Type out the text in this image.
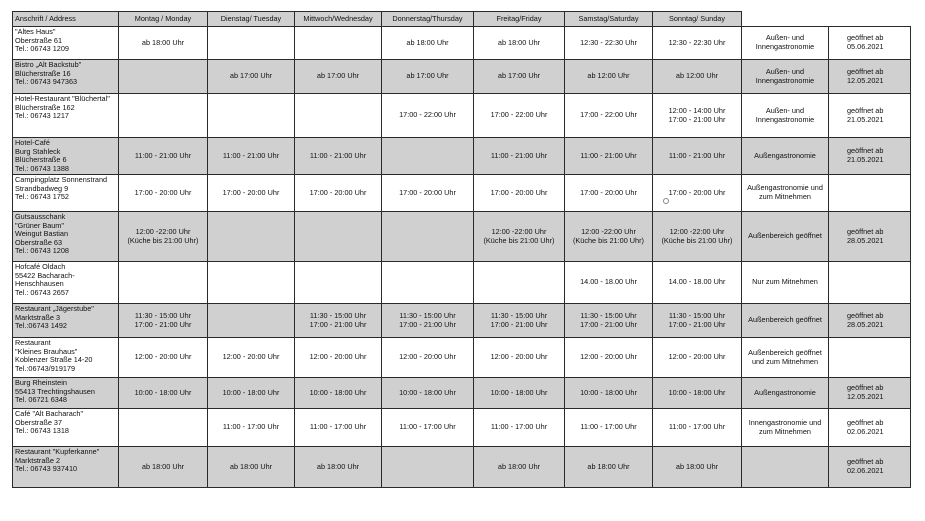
Anschrift / Address	Montag / Monday	Dienstag/ Tuesday	Mittwoch/Wednesday	Donnerstag/Thursday	Freitag/Friday	Samstag/Saturday	Sonntag/ Sunday		

"Altes Haus"
Oberstraße 61
Tel.: 06743 1209	ab 18:00 Uhr			ab 18:00 Uhr	ab 18:00 Uhr	12:30 - 22:30 Uhr	12:30 - 22:30 Uhr	Außen- und
Innengastronomie	geöffnet ab
05.06.2021

Bistro „Alt Backstub"
Blücherstraße 16
Tel.: 06743 947363		ab 17:00 Uhr	ab 17:00 Uhr	ab 17:00 Uhr	ab 17:00 Uhr	ab 12:00 Uhr	ab 12:00 Uhr	Außen- und
Innengastronomie	geöffnet ab
12.05.2021

Hotel-Restaurant "Blüchertal"
Blücherstraße 162
Tel.: 06743 1217				17:00 - 22:00 Uhr	17:00 - 22:00 Uhr	17:00 - 22:00 Uhr	12:00 - 14:00 Uhr
17:00 - 21:00 Uhr	Außen- und
Innengastronomie	geöffnet ab
21.05.2021

Hotel-Café
Burg Stahleck
Blücherstraße 6
Tel.: 06743 1388	11:00 - 21:00 Uhr	11:00 - 21:00 Uhr	11:00 - 21:00 Uhr		11:00 - 21:00 Uhr	11:00 - 21:00 Uhr	11:00 - 21:00 Uhr	Außengastronomie	geöffnet ab
21.05.2021

Campingplatz Sonnenstrand
Strandbadweg 9
Tel.: 06743 1752	17:00 - 20:00 Uhr	17:00 - 20:00 Uhr	17:00 - 20:00 Uhr	17:00 - 20:00 Uhr	17:00 - 20:00 Uhr	17:00 - 20:00 Uhr	17:00 - 20:00 Uhr	Außengastronomie und
zum Mitnehmen	

Gutsausschank
"Grüner Baum"
Weingut Bastian
Oberstraße 63
Tel.: 06743 1208	12:00 -22:00 Uhr
(Küche bis 21:00 Uhr)				12:00 -22:00 Uhr
(Küche bis 21:00 Uhr)	12:00 -22:00 Uhr
(Küche bis 21:00 Uhr)	12:00 -22:00 Uhr
(Küche bis 21:00 Uhr)	Außenbereich geöffnet	geöffnet ab
28.05.2021

Hofcafé Oldach
55422 Bacharach-
Henschhausen
Tel.: 06743 2657						14.00 - 18.00 Uhr	14.00 - 18.00 Uhr	Nur zum Mitnehmen	

Restaurant „Jägerstube"
Marktstraße 3
Tel.:06743 1492	11:30 - 15:00 Uhr
17:00 - 21:00 Uhr		11:30 - 15:00 Uhr
17:00 - 21:00 Uhr	11:30 - 15:00 Uhr
17:00 - 21:00 Uhr	11:30 - 15:00 Uhr
17:00 - 21:00 Uhr	11:30 - 15:00 Uhr
17:00 - 21:00 Uhr	11:30 - 15:00 Uhr
17:00 - 21:00 Uhr	Außenbereich geöffnet	geöffnet ab
28.05.2021

Restaurant
"Kleines Brauhaus"
Koblenzer Straße 14-20
Tel.:06743/919179	12:00 - 20:00 Uhr	12:00 - 20:00 Uhr	12:00 - 20:00 Uhr	12:00 - 20:00 Uhr	12:00 - 20:00 Uhr	12:00 - 20:00 Uhr	12:00 - 20:00 Uhr	Außenbereich geöffnet
und zum Mitnehmen	

Burg Rheinstein
55413 Trechtingshausen
Tel. 06721 6348	10:00 - 18:00 Uhr	10:00 - 18:00 Uhr	10:00 - 18:00 Uhr	10:00 - 18:00 Uhr	10:00 - 18:00 Uhr	10:00 - 18:00 Uhr	10:00 - 18:00 Uhr	Außengastronomie	geöffnet ab
12.05.2021

Café "Alt Bacharach"
Oberstraße 37
Tel.: 06743 1318		11:00 - 17:00 Uhr	11:00 - 17:00 Uhr	11:00 - 17:00 Uhr	11:00 - 17:00 Uhr	11:00 - 17:00 Uhr	11:00 - 17:00 Uhr	Innengastronomie und
zum Mitnehmen	geöffnet ab
02.06.2021

Restaurant "Kupferkanne"
Marktstraße 2
Tel.: 06743 937410	ab 18:00 Uhr	ab 18:00 Uhr	ab 18:00 Uhr		ab 18:00 Uhr	ab 18:00 Uhr	ab 18:00 Uhr		geöffnet ab
02.06.2021
